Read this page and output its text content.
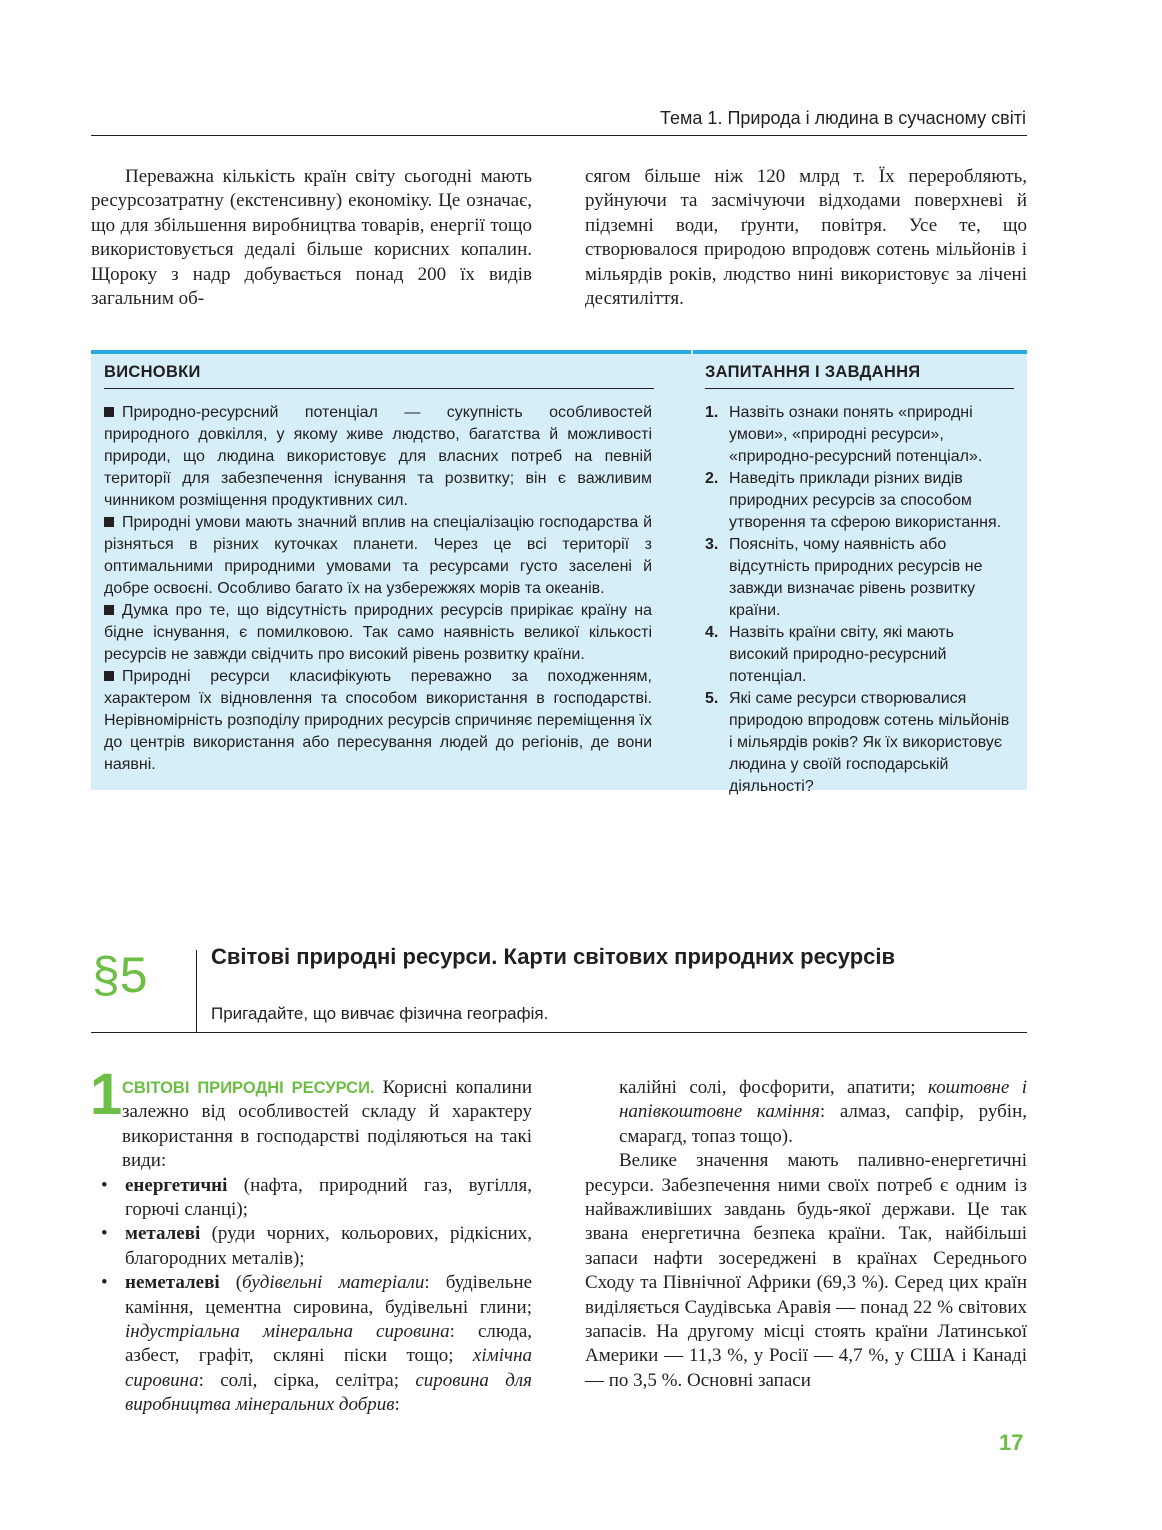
Тема 1. Природа і людина в сучасному світі

Переважна кількість країн світу сьогодні мають ресурсозатратну (екстенсивну) економіку. Це означає, що для збільшення виробництва товарів, енергії тощо використовується дедалі більше корисних копалин. Щороку з надр добувається понад 200 їх видів загальним об-

сягом більше ніж 120 млрд т. Їх переробляють, руйнуючи та засмічуючи відходами поверхневі й підземні води, ґрунти, повітря. Усе те, що створювалося природою впродовж сотень мільйонів і мільярдів років, людство нині використовує за лічені десятиліття.

ВИСНОВКИ

Природно-ресурсний потенціал — сукупність особливостей природного довкілля, у якому живе людство, багатства й можливості природи, що людина використовує для власних потреб на певній території для забезпечення існування та розвитку; він є важливим чинником розміщення продуктивних сил.

Природні умови мають значний вплив на спеціалізацію господарства й різняться в різних куточках планети. Через це всі території з оптимальними природними умовами та ресурсами густо заселені й добре освоєні. Особливо багато їх на узбережжях морів та океанів.

Думка про те, що відсутність природних ресурсів прирікає країну на бідне існування, є помилковою. Так само наявність великої кількості ресурсів не завжди свідчить про високий рівень розвитку країни.

Природні ресурси класифікують переважно за походженням, характером їх відновлення та способом використання в господарстві. Нерівномірність розподілу природних ресурсів спричиняє переміщення їх до центрів використання або пересування людей до регіонів, де вони наявні.

ЗАПИТАННЯ І ЗАВДАННЯ
1. Назвіть ознаки понять «природні умови», «природні ресурси», «природно-ресурсний потенціал».
2. Наведіть приклади різних видів природних ресурсів за способом утворення та сферою використання.
3. Поясніть, чому наявність або відсутність природних ресурсів не завжди визначає рівень розвитку країни.
4. Назвіть країни світу, які мають високий природно-ресурсний потенціал.
5. Які саме ресурси створювалися природою впродовж сотень мільйонів і мільярдів років? Як їх використовує людина у своїй господарській діяльності?
§5	Світові природні ресурси. Карти світових природних ресурсів
Пригадайте, що вивчає фізична географія.
1 СВІТОВІ ПРИРОДНІ РЕСУРСИ. Корисні копалини залежно від особливостей складу й характеру використання в господарстві поділяються на такі види:

• енергетичні (нафта, природний газ, вугілля, горючі сланці);
• металеві (руди чорних, кольорових, рідкісних, благородних металів);
• неметалеві (будівельні матеріали: будівельне каміння, цементна сировина, будівельні глини; індустріальна мінеральна сировина: слюда, азбест, графіт, скляні піски тощо; хімічна сировина: солі, сірка, селітра; сировина для виробництва мінеральних добрив:

калійні солі, фосфорити, апатити; коштовне і напівкоштовне каміння: алмаз, сапфір, рубін, смарагд, топаз тощо).

Велике значення мають паливно-енергетичні ресурси. Забезпечення ними своїх потреб є одним із найважливіших завдань будь-якої держави. Це так звана енергетична безпека країни. Так, найбільші запаси нафти зосереджені в країнах Середнього Сходу та Північної Африки (69,3 %). Серед цих країн виділяється Саудівська Аравія — понад 22 % світових запасів. На другому місці стоять країни Латинської Америки — 11,3 %, у Росії — 4,7 %, у США і Канаді — по 3,5 %. Основні запаси

17
